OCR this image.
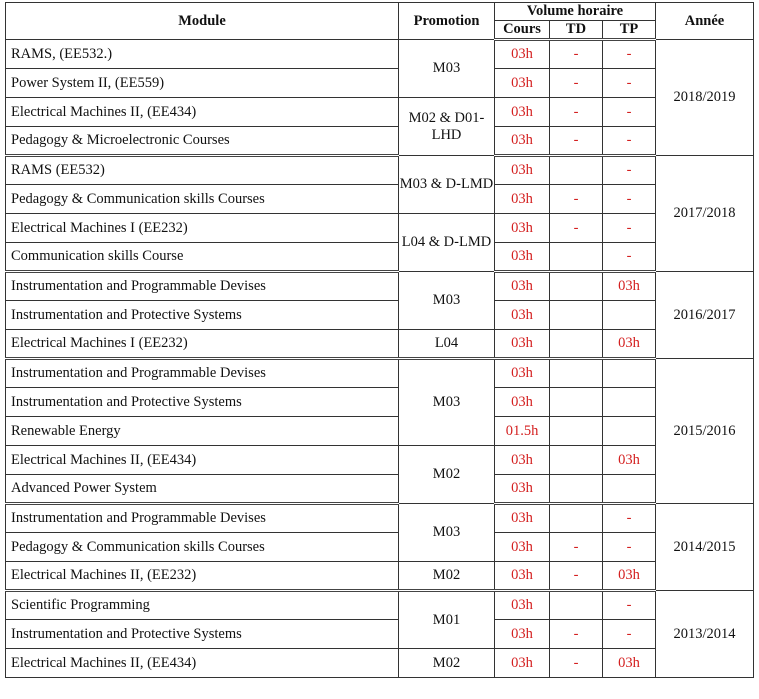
Module	Promotion	Volume horaire			Année
		Cours	TD	TP	
RAMS, (EE532.)	M03	03h	-	-	2018/2019
Power System II, (EE559)		03h	-	-	
Electrical Machines II, (EE434)	M02 & D01-LHD	03h	-	-	
Pedagogy & Microelectronic Courses		03h	-	-	
RAMS (EE532)	M03 & D-LMD	03h		-	2017/2018
Pedagogy & Communication skills Courses		03h	-	-	
Electrical Machines I (EE232)	L04 & D-LMD	03h	-	-	
Communication skills Course		03h		-	
Instrumentation and Programmable Devises	M03	03h		03h	2016/2017
Instrumentation and Protective Systems		03h			
Electrical Machines I (EE232)	L04	03h		03h	
Instrumentation and Programmable Devises	M03	03h			2015/2016
Instrumentation and Protective Systems		03h			
Renewable Energy		01.5h			
Electrical Machines II, (EE434)	M02	03h		03h	
Advanced Power System		03h			
Instrumentation and Programmable Devises	M03	03h		-	2014/2015
Pedagogy & Communication skills Courses		03h	-	-	
Electrical Machines II, (EE232)	M02	03h	-	03h	
Scientific Programming	M01	03h		-	2013/2014
Instrumentation and Protective Systems		03h	-	-	
Electrical Machines II, (EE434)	M02	03h	-	03h	
